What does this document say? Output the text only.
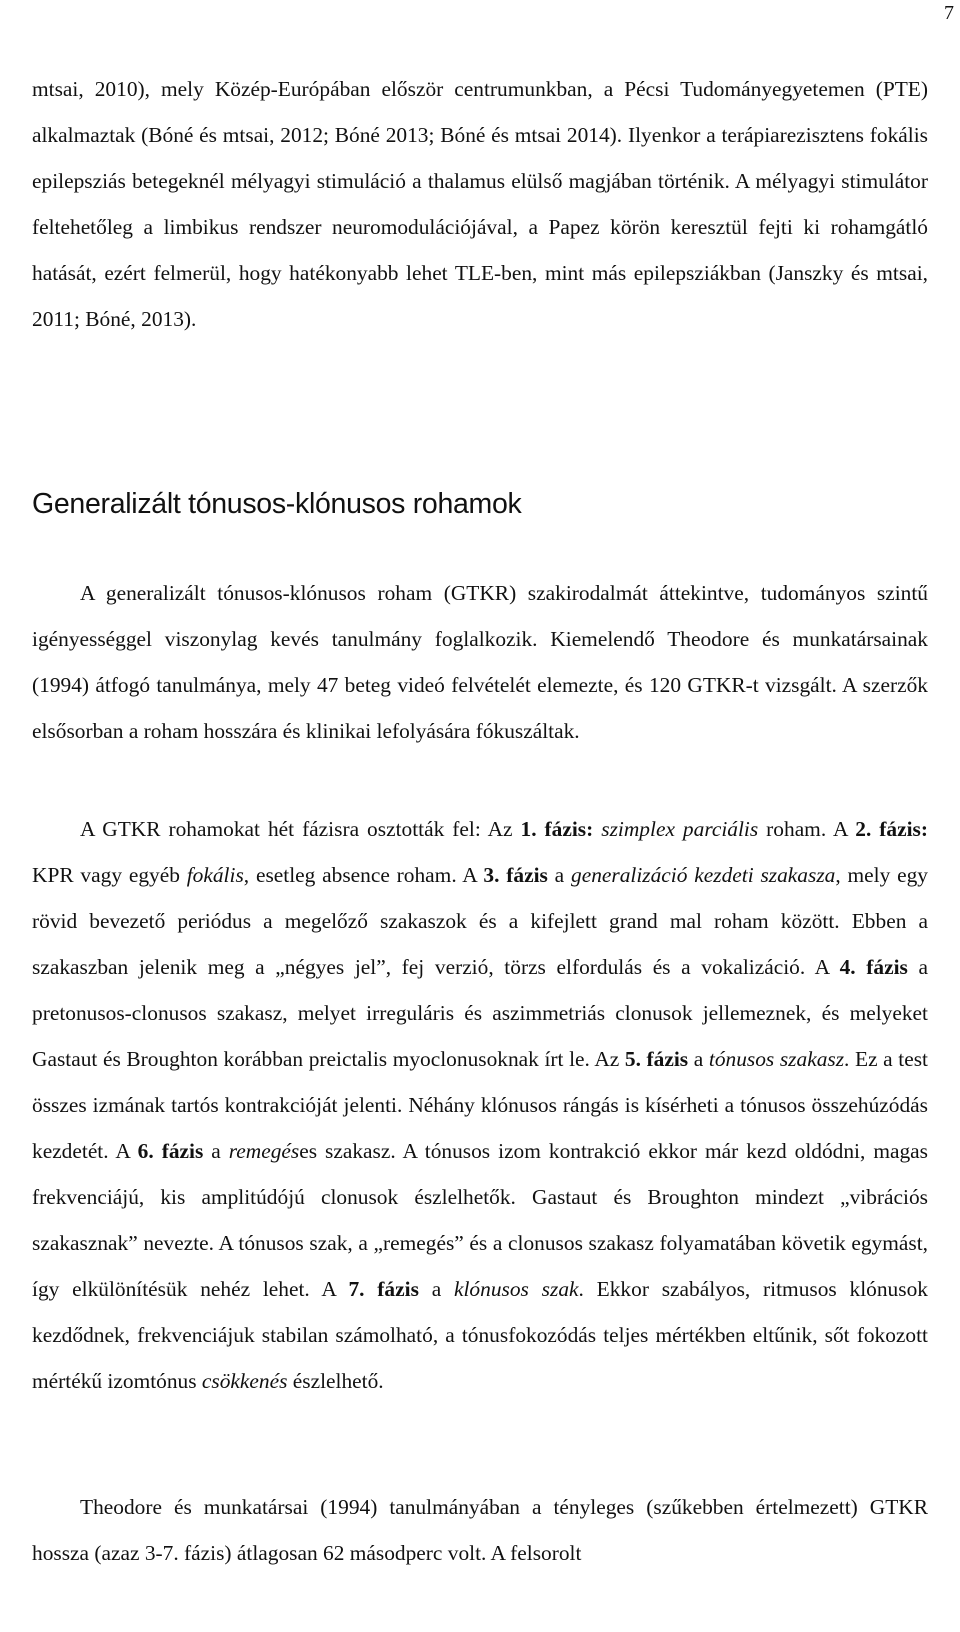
7

mtsai, 2010), mely Közép-Európában először centrumunkban, a Pécsi Tudományegyetemen (PTE) alkalmaztak (Bóné és mtsai, 2012; Bóné 2013; Bóné és mtsai 2014). Ilyenkor a terápiarezisztens fokális epilepsziás betegeknél mélyagyi stimuláció a thalamus elülső magjában történik. A mélyagyi stimulátor feltehetőleg a limbikus rendszer neuromodulációjával, a Papez körön keresztül fejti ki rohamgátló hatását, ezért felmerül, hogy hatékonyabb lehet TLE-ben, mint más epilepsziákban (Janszky és mtsai, 2011; Bóné, 2013).

Generalizált tónusos-klónusos rohamok

A generalizált tónusos-klónusos roham (GTKR) szakirodalmát áttekintve, tudományos szintű igényességgel viszonylag kevés tanulmány foglalkozik. Kiemelendő Theodore és munkatársainak (1994) átfogó tanulmánya, mely 47 beteg videó felvételét elemezte, és 120 GTKR-t vizsgált. A szerzők elsősorban a roham hosszára és klinikai lefolyására fókuszáltak.

A GTKR rohamokat hét fázisra osztották fel: Az 1. fázis: szimplex parciális roham. A 2. fázis: KPR vagy egyéb fokális, esetleg absence roham. A 3. fázis a generalizáció kezdeti szakasza, mely egy rövid bevezető periódus a megelőző szakaszok és a kifejlett grand mal roham között. Ebben a szakaszban jelenik meg a „négyes jel”, fej verzió, törzs elfordulás és a vokalizáció. A 4. fázis a pretonusos-clonusos szakasz, melyet irreguláris és aszimmetriás clonusok jellemeznek, és melyeket Gastaut és Broughton korábban preictalis myoclonusoknak írt le. Az 5. fázis a tónusos szakasz. Ez a test összes izmának tartós kontrakcióját jelenti. Néhány klónusos rángás is kísérheti a tónusos összehúzódás kezdetét. A 6. fázis a remegéses szakasz. A tónusos izom kontrakció ekkor már kezd oldódni, magas frekvenciájú, kis amplitúdójú clonusok észlelhetők. Gastaut és Broughton mindezt „vibrációs szakasznak” nevezte. A tónusos szak, a „remegés” és a clonusos szakasz folyamatában követik egymást, így elkülönítésük nehéz lehet. A 7. fázis a klónusos szak. Ekkor szabályos, ritmusos klónusok kezdődnek, frekvenciájuk stabilan számolható, a tónusfokozódás teljes mértékben eltűnik, sőt fokozott mértékű izomtónus csökkenés észlelhető.

Theodore és munkatársai (1994) tanulmányában a tényleges (szűkebben értelmezett) GTKR hossza (azaz 3-7. fázis) átlagosan 62 másodperc volt. A felsorolt
